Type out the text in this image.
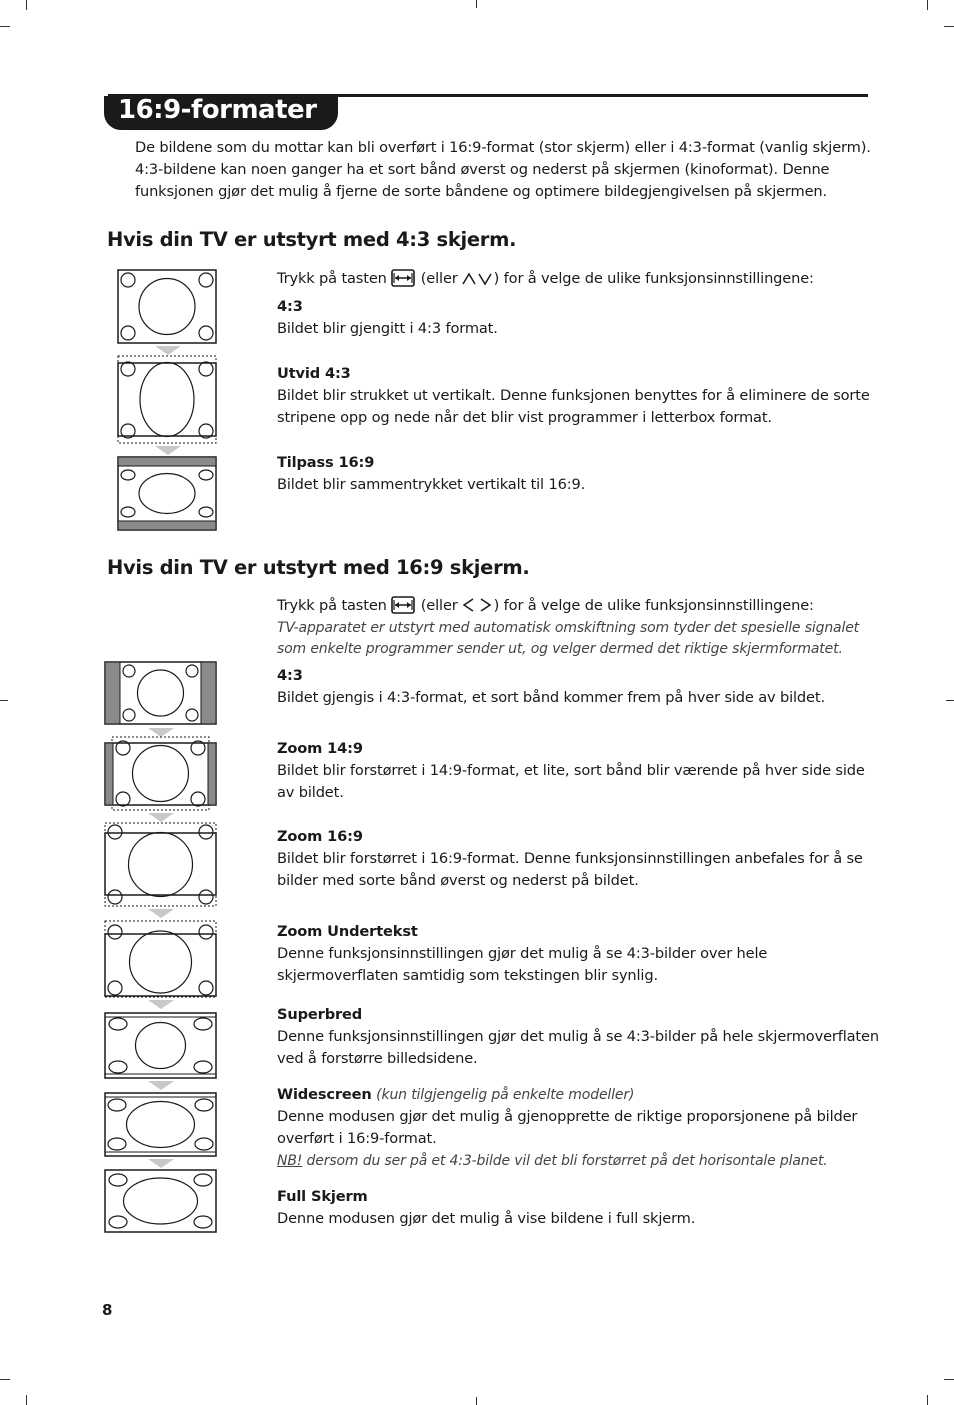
16:9-formater
De bildene som du mottar kan bli overført i 16:9-format (stor skjerm) eller i 4:3-format (vanlig skjerm). 4:3-bildene kan noen ganger ha et sort bånd øverst og nederst på skjermen (kinoformat). Denne funksjonen gjør det mulig å fjerne de sorte båndene og optimere bildegjengivelsen på skjermen.
Hvis din TV er utstyrt med 4:3 skjerm.
Trykk på tasten (eller ) for å velge de ulike funksjonsinnstillingene:
4:3
Bildet blir gjengitt i 4:3 format.
Utvid 4:3
Bildet blir strukket ut vertikalt. Denne funksjonen benyttes for å eliminere de sorte stripene opp og nede når det blir vist programmer i letterbox format.
Tilpass 16:9
Bildet blir sammentrykket vertikalt til 16:9.
Hvis din TV er utstyrt med 16:9 skjerm.
Trykk på tasten (eller ) for å velge de ulike funksjonsinnstillingene:
TV-apparatet er utstyrt med automatisk omskiftning som tyder det spesielle signalet som enkelte programmer sender ut, og velger dermed det riktige skjermformatet.
4:3
Bildet gjengis i 4:3-format, et sort bånd kommer frem på hver side av bildet.
Zoom 14:9
Bildet blir forstørret i 14:9-format, et lite, sort bånd blir værende på hver side side av bildet.
Zoom 16:9
Bildet blir forstørret i 16:9-format. Denne funksjonsinnstillingen anbefales for å se bilder med sorte bånd øverst og nederst på bildet.
Zoom Undertekst
Denne funksjonsinnstillingen gjør det mulig å se 4:3-bilder over hele skjermoverflaten samtidig som tekstingen blir synlig.
Superbred
Denne funksjonsinnstillingen gjør det mulig å se 4:3-bilder på hele skjermoverflaten ved å forstørre billedsidene.
Widescreen (kun tilgjengelig på enkelte modeller)
Denne modusen gjør det mulig å gjenopprette de riktige proporsjonene på bilder overført i 16:9-format.
NB! dersom du ser på et 4:3-bilde vil det bli forstørret på det horisontale planet.
Full Skjerm
Denne modusen gjør det mulig å vise bildene i full skjerm.
8
